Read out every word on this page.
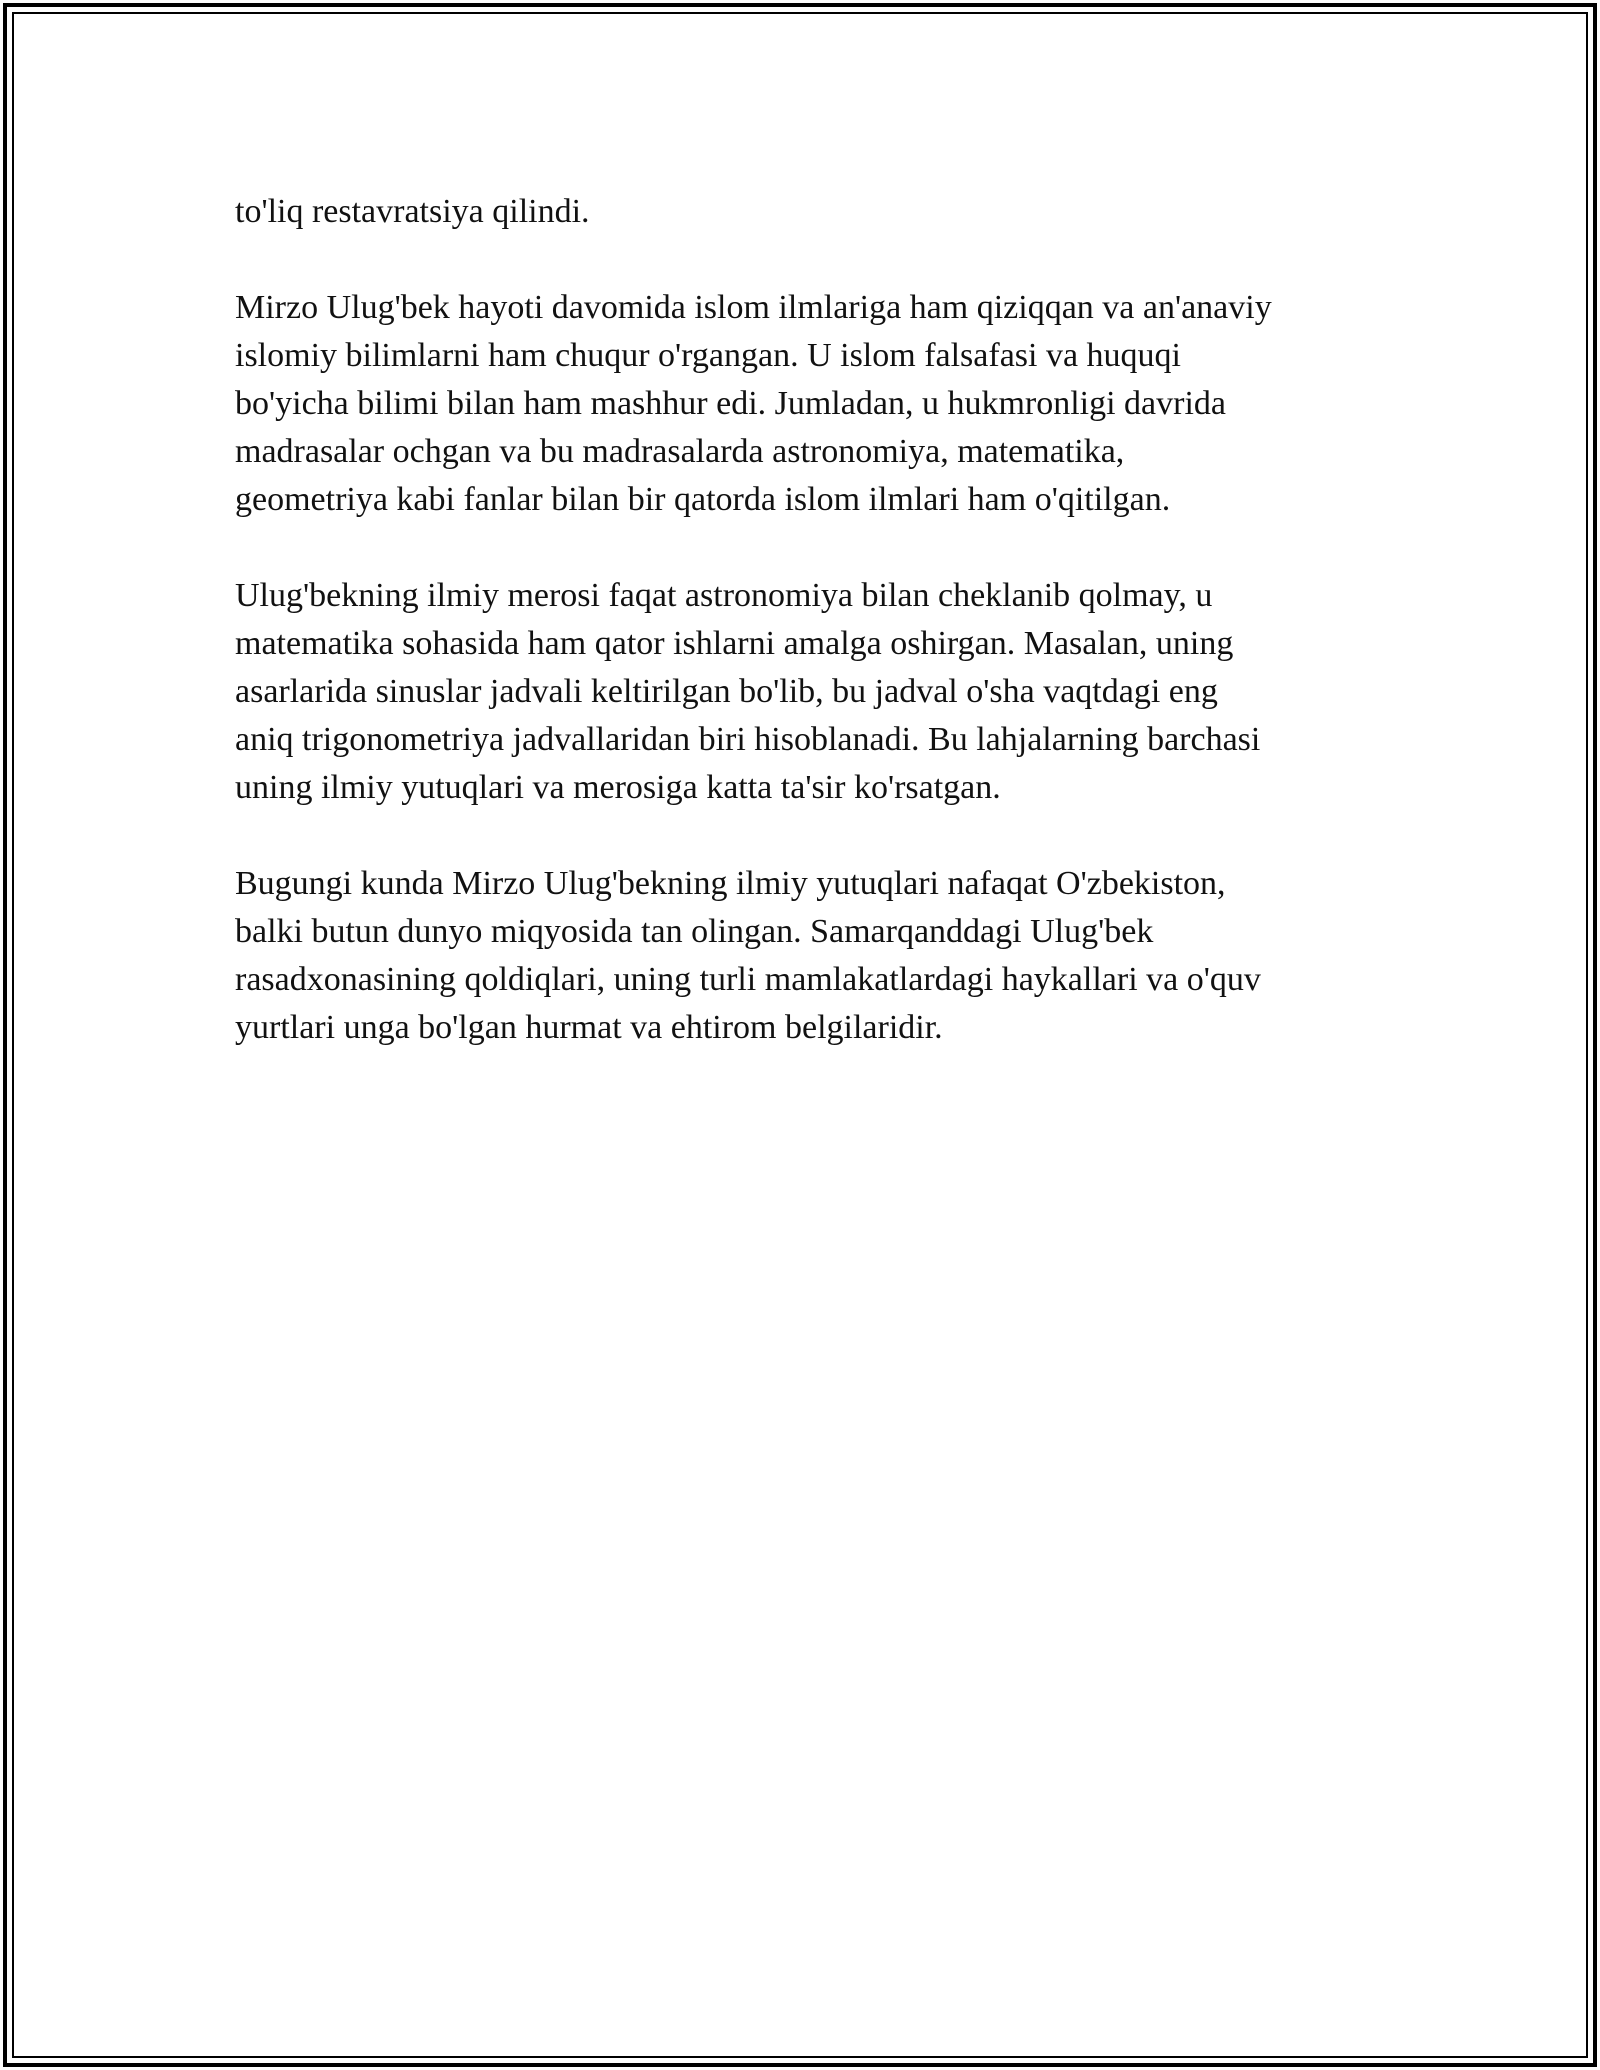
to'liq restavratsiya qilindi.

Mirzo Ulug'bek hayoti davomida islom ilmlariga ham qiziqqan va an'anaviy
islomiy bilimlarni ham chuqur o'rgangan. U islom falsafasi va huquqi
bo'yicha bilimi bilan ham mashhur edi. Jumladan, u hukmronligi davrida
madrasalar ochgan va bu madrasalarda astronomiya, matematika,
geometriya kabi fanlar bilan bir qatorda islom ilmlari ham o'qitilgan.

Ulug'bekning ilmiy merosi faqat astronomiya bilan cheklanib qolmay, u
matematika sohasida ham qator ishlarni amalga oshirgan. Masalan, uning
asarlarida sinuslar jadvali keltirilgan bo'lib, bu jadval o'sha vaqtdagi eng
aniq trigonometriya jadvallaridan biri hisoblanadi. Bu lahjalarning barchasi
uning ilmiy yutuqlari va merosiga katta ta'sir ko'rsatgan.

Bugungi kunda Mirzo Ulug'bekning ilmiy yutuqlari nafaqat O'zbekiston,
balki butun dunyo miqyosida tan olingan. Samarqanddagi Ulug'bek
rasadxonasining qoldiqlari, uning turli mamlakatlardagi haykallari va o'quv
yurtlari unga bo'lgan hurmat va ehtirom belgilaridir.
